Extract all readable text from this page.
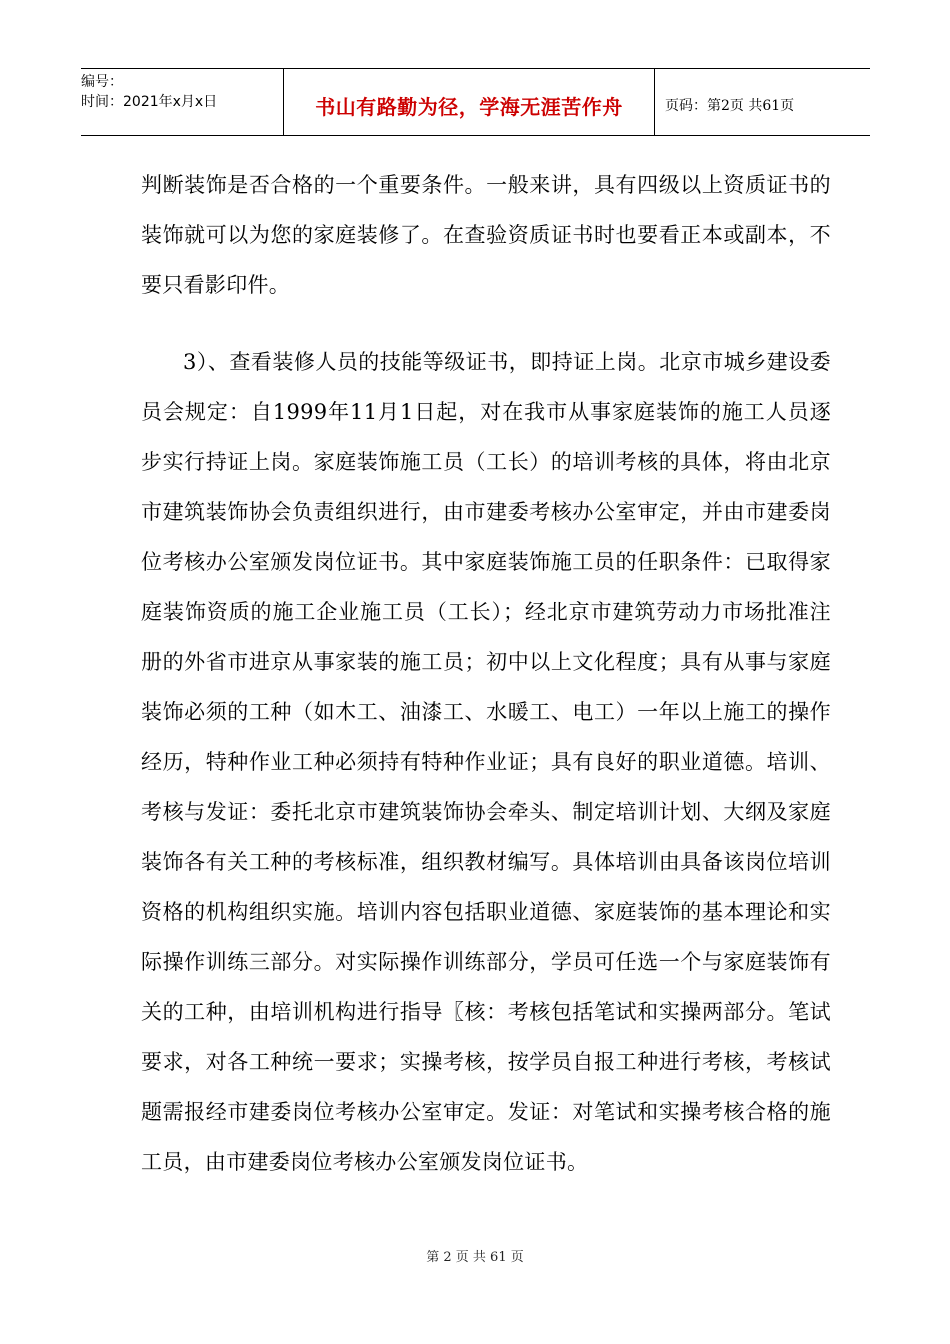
编号：
时间：2021年x月x日	书山有路勤为径，学海无涯苦作舟	页码：第2页 共61页

判断装饰是否合格的一个重要条件。一般来讲，具有四级以上资质证书的装饰就可以为您的家庭装修了。在查验资质证书时也要看正本或副本，不要只看影印件。

3）、查看装修人员的技能等级证书，即持证上岗。北京市城乡建设委员会规定：自1999年11月1日起，对在我市从事家庭装饰的施工人员逐步实行持证上岗。家庭装饰施工员（工长）的培训考核的具体，将由北京市建筑装饰协会负责组织进行，由市建委考核办公室审定，并由市建委岗位考核办公室颁发岗位证书。其中家庭装饰施工员的任职条件：已取得家庭装饰资质的施工企业施工员（工长）；经北京市建筑劳动力市场批准注册的外省市进京从事家装的施工员；初中以上文化程度；具有从事与家庭装饰必须的工种（如木工、油漆工、水暖工、电工）一年以上施工的操作经历，特种作业工种必须持有特种作业证；具有良好的职业道德。培训、考核与发证：委托北京市建筑装饰协会牵头、制定培训计划、大纲及家庭装饰各有关工种的考核标准，组织教材编写。具体培训由具备该岗位培训资格的机构组织实施。培训内容包括职业道德、家庭装饰的基本理论和实际操作训练三部分。对实际操作训练部分，学员可任选一个与家庭装饰有关的工种，由培训机构进行指导〖核：考核包括笔试和实操两部分。笔试要求，对各工种统一要求；实操考核，按学员自报工种进行考核，考核试题需报经市建委岗位考核办公室审定。发证：对笔试和实操考核合格的施工员，由市建委岗位考核办公室颁发岗位证书。

第 2 页 共 61 页
